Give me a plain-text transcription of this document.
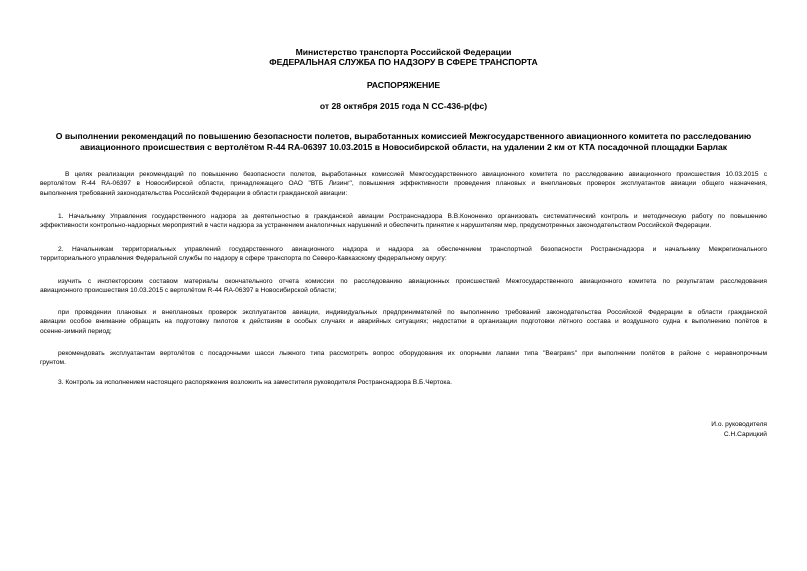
Министерство транспорта Российской Федерации
ФЕДЕРАЛЬНАЯ СЛУЖБА ПО НАДЗОРУ В СФЕРЕ ТРАНСПОРТА
РАСПОРЯЖЕНИЕ
от 28 октября 2015 года N СС-436-р(фс)
О выполнении рекомендаций по повышению безопасности полетов, выработанных комиссией Межгосударственного авиационного комитета по расследованию
авиационного происшествия с вертолётом R-44 RA-06397 10.03.2015 в Новосибирской области, на удалении 2 км от КТА посадочной площадки Барлак
В целях реализации рекомендаций по повышению безопасности полетов, выработанных комиссией Межгосударственного авиационного комитета по расследованию авиационного происшествия 10.03.2015 с
вертолётом R-44 RA-06397 в Новосибирской области, принадлежащего ОАО "ВТБ Лизинг", повышения эффективности проведения плановых и внеплановых проверок эксплуатантов авиации общего назначения,
выполнения требований законодательства Российской Федерации в области гражданской авиации:
1. Начальнику Управления государственного надзора за деятельностью в гражданской авиации Ространснадзора В.В.Кононенко организовать систематический контроль и методическую работу по повышению
эффективности контрольно-надзорных мероприятий в части надзора за устранением аналогичных нарушений и обеспечить принятие к нарушителям мер, предусмотренных законодательством Российской Федерации.
2. Начальникам территориальных управлений государственного авиационного надзора и надзора за обеспечением транспортной безопасности Ространснадзора и начальнику Межрегионального
территориального управления Федеральной службы по надзору в сфере транспорта по Северо-Кавказскому федеральному округу:
изучить с инспекторским составом материалы окончательного отчета комиссии по расследованию авиационных происшествий Межгосударственного авиационного комитета по результатам расследования
авиационного происшествия 10.03.2015 с вертолётом R-44 RA-06397 в Новосибирской области;
при проведении плановых и внеплановых проверок эксплуатантов авиации, индивидуальных предпринимателей по выполнению требований законодательства Российской Федерации в области гражданской
авиации особое внимание обращать на подготовку пилотов к действиям в особых случаях и аварийных ситуациях; недостатки в организации подготовки лётного состава и воздушного судна к выполнению полётов в
осенне-зимний период;
рекомендовать эксплуатантам вертолётов с посадочными шасси лыжного типа рассмотреть вопрос оборудования их опорными лапами типа "Bearpaws" при выполнении полётов в районе с неравнопрочным
грунтом.
3. Контроль за исполнением настоящего распоряжения возложить на заместителя руководителя Ространснадзора В.Б.Чертока.
И.о. руководителя
С.Н.Сарицкий
